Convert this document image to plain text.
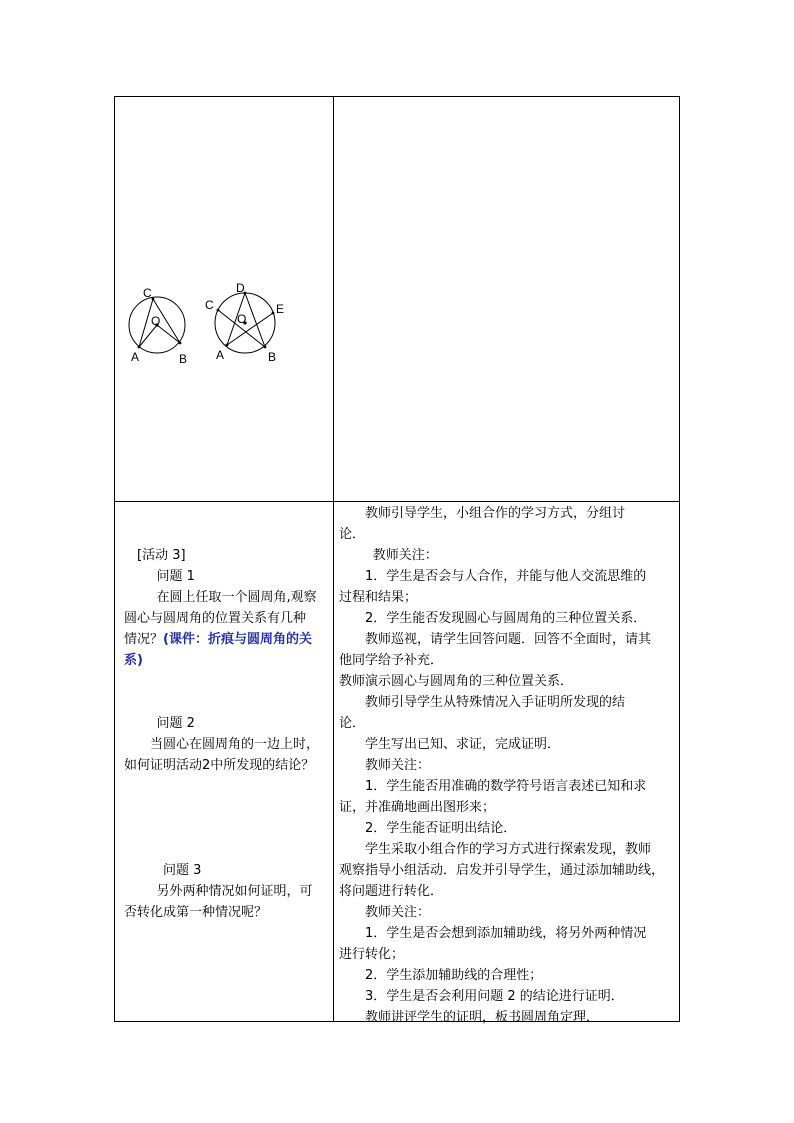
C
O
A	B
D
C
O
E
A	B

[活动 3]

问题 1

在圆上任取一个圆周角,观察

圆心与圆周角的位置关系有几种

情况？(课件：折痕与圆周角的关

系)

问题 2

当圆心在圆周角的一边上时，

如何证明活动2中所发现的结论？

问题 3

另外两种情况如何证明，可

否转化成第一种情况呢？

教师引导学生，小组合作的学习方式，分组讨

论．

教师关注：

1．学生是否会与人合作，并能与他人交流思维的

过程和结果；

2．学生能否发现圆心与圆周角的三种位置关系．

教师巡视，请学生回答问题．回答不全面时，请其

他同学给予补充．

教师演示圆心与圆周角的三种位置关系．

教师引导学生从特殊情况入手证明所发现的结

论．

学生写出已知、求证，完成证明．

教师关注：

1．学生能否用准确的数学符号语言表述已知和求

证，并准确地画出图形来；

2．学生能否证明出结论．

学生采取小组合作的学习方式进行探索发现，教师

观察指导小组活动．启发并引导学生，通过添加辅助线，

将问题进行转化．

教师关注：

1．学生是否会想到添加辅助线，将另外两种情况

进行转化；

2．学生添加辅助线的合理性；

3．学生是否会利用问题 2 的结论进行证明．

教师讲评学生的证明，板书圆周角定理．
